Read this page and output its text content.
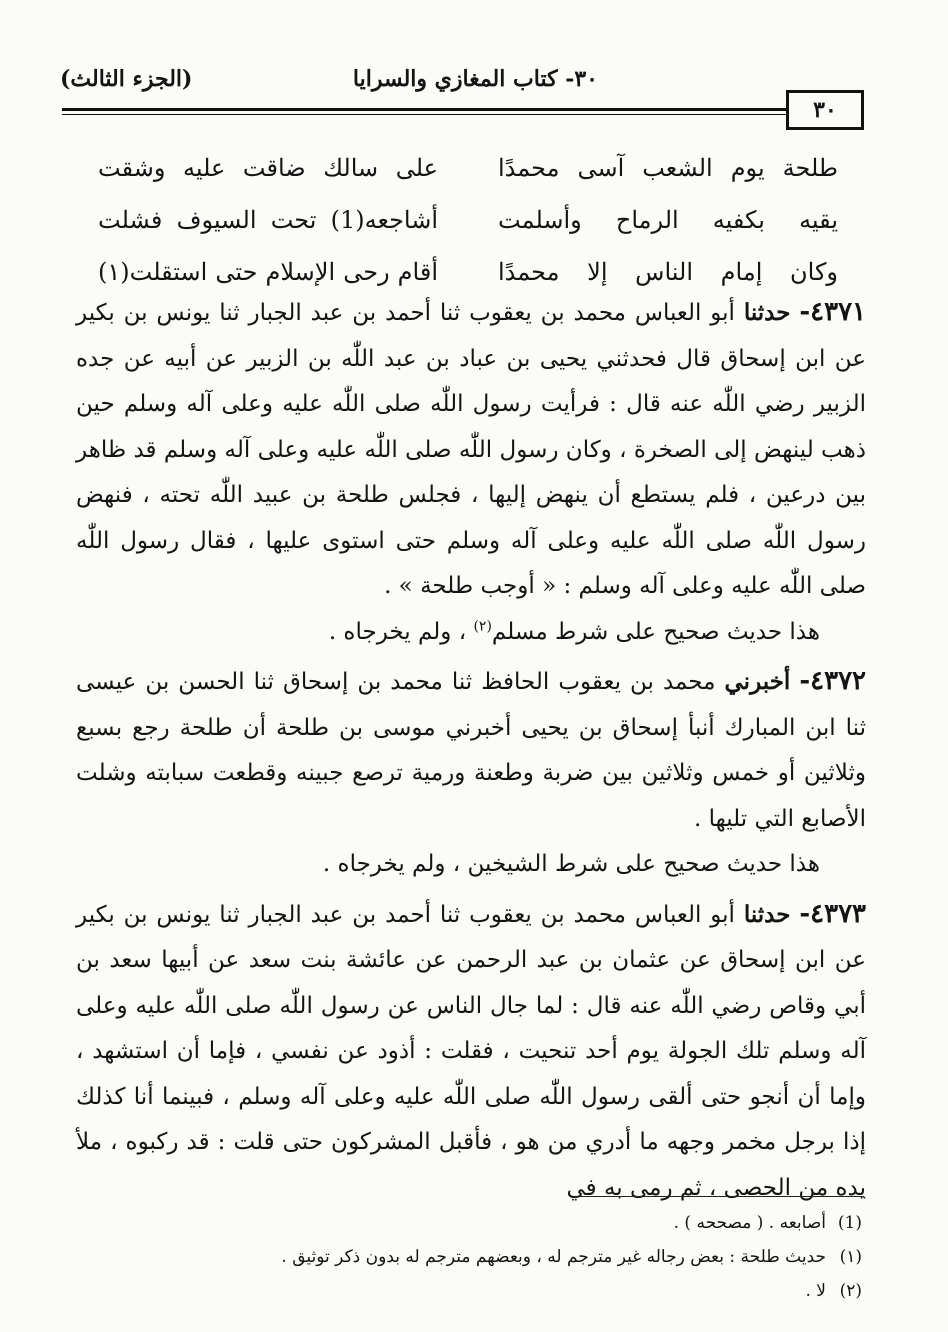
٣٠- كتاب المغازي والسرايا
(الجزء الثالث)
٣٠
طلحة يوم الشعب آسى محمدًا
على سالك ضاقت عليه وشقت
يقيه بكفيه الرماح وأسلمت
أشاجعه(1) تحت السيوف فشلت
وكان إمام الناس إلا محمدًا
أقام رحى الإسلام حتى استقلت(١)

٤٣٧١- حدثنا أبو العباس محمد بن يعقوب ثنا أحمد بن عبد الجبار ثنا يونس بن بكير عن ابن إسحاق قال فحدثني يحيى بن عباد بن عبد اللّٰه بن الزبير عن أبيه عن جده الزبير رضي اللّٰه عنه قال : فرأيت رسول اللّٰه صلى اللّٰه عليه وعلى آله وسلم حين ذهب لينهض إلى الصخرة ، وكان رسول اللّٰه صلى اللّٰه عليه وعلى آله وسلم قد ظاهر بين درعين ، فلم يستطع أن ينهض إليها ، فجلس طلحة بن عبيد اللّٰه تحته ، فنهض رسول اللّٰه صلى اللّٰه عليه وعلى آله وسلم حتى استوى عليها ، فقال رسول اللّٰه صلى اللّٰه عليه وعلى آله وسلم : « أوجب طلحة » .

هذا حديث صحيح على شرط مسلم$^{(٢)}$ ، ولم يخرجاه .

٤٣٧٢- أخبرني محمد بن يعقوب الحافظ ثنا محمد بن إسحاق ثنا الحسن بن عيسى ثنا ابن المبارك أنبأ إسحاق بن يحيى أخبرني موسى بن طلحة أن طلحة رجع بسبع وثلاثين أو خمس وثلاثين بين ضربة وطعنة ورمية ترصع جبينه وقطعت سبابته وشلت الأصابع التي تليها .

هذا حديث صحيح على شرط الشيخين ، ولم يخرجاه .

٤٣٧٣- حدثنا أبو العباس محمد بن يعقوب ثنا أحمد بن عبد الجبار ثنا يونس بن بكير عن ابن إسحاق عن عثمان بن عبد الرحمن عن عائشة بنت سعد عن أبيها سعد بن أبي وقاص رضي اللّٰه عنه قال : لما جال الناس عن رسول اللّٰه صلى اللّٰه عليه وعلى آله وسلم تلك الجولة يوم أحد تنحيت ، فقلت : أذود عن نفسي ، فإما أن استشهد ، وإما أن أنجو حتى ألقى رسول اللّٰه صلى اللّٰه عليه وعلى آله وسلم ، فبينما أنا كذلك إذا برجل مخمر وجهه ما أدري من هو ، فأقبل المشركون حتى قلت : قد ركبوه ، ملأ يده من الحصى ، ثم رمى به في

(1)
أصابعه . ( مصححه ) .
(١)
حديث طلحة : بعض رجاله غير مترجم له ، وبعضهم مترجم له بدون ذكر توثيق .
(٢)
لا .
